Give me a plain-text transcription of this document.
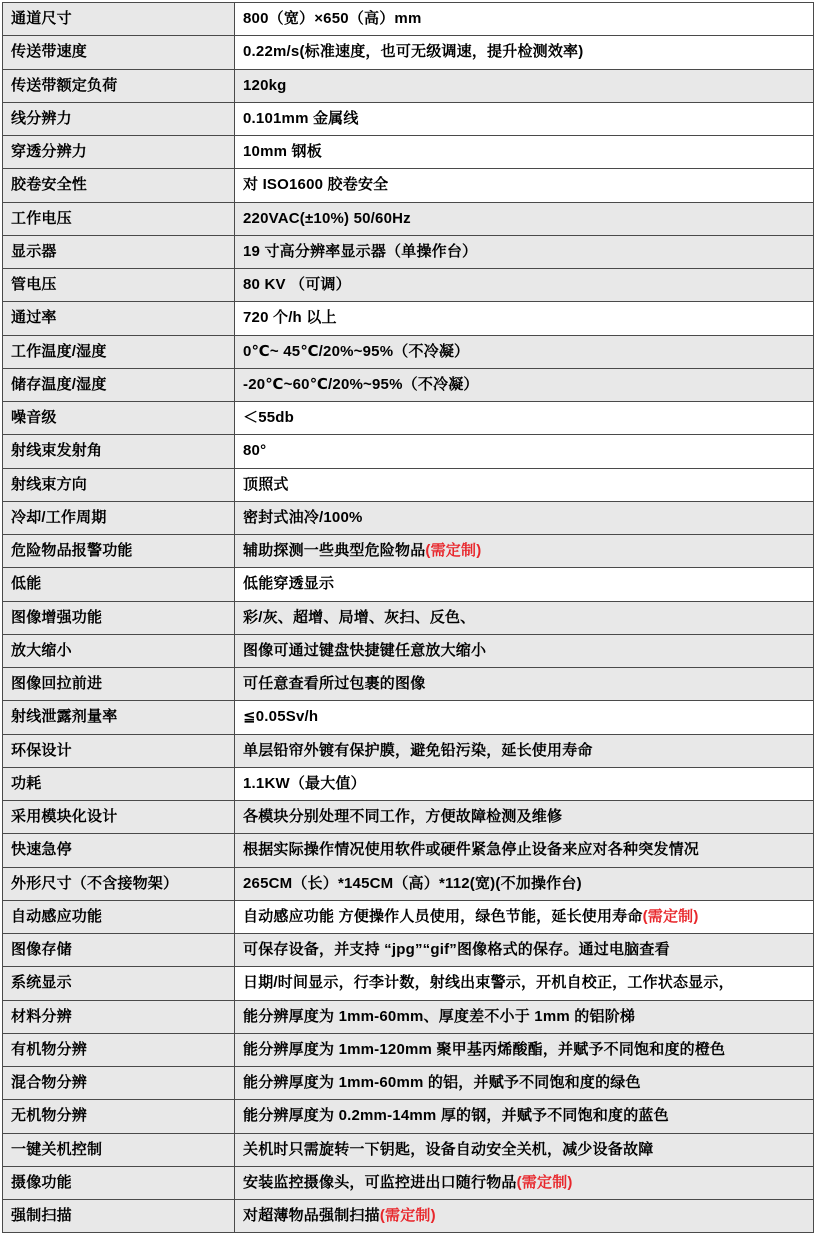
通道尺寸	800（宽）×650（高）mm

传送带速度	0.22m/s(标准速度，也可无级调速，提升检测效率)

传送带额定负荷	120kg

线分辨力	0.101mm 金属线

穿透分辨力	10mm 钢板

胶卷安全性	对 ISO1600 胶卷安全

工作电压	220VAC(±10%) 50/60Hz

显示器	19 寸高分辨率显示器（单操作台）

管电压	80 KV （可调）

通过率	720 个/h 以上

工作温度/湿度	0℃~ 45℃/20%~95%（不冷凝）

储存温度/湿度	-20℃~60℃/20%~95%（不冷凝）

噪音级	＜55db

射线束发射角	80°

射线束方向	顶照式

冷却/工作周期	密封式油冷/100%

危险物品报警功能	辅助探测一些典型危险物品(需定制)

低能	低能穿透显示

图像增强功能	彩/灰、超增、局增、灰扫、反色、

放大缩小	图像可通过键盘快捷键任意放大缩小

图像回拉前进	可任意查看所过包裹的图像

射线泄露剂量率	≦0.05Sv/h

环保设计	单层铅帘外镀有保护膜，避免铅污染，延长使用寿命

功耗	1.1KW（最大值）

采用模块化设计	各模块分别处理不同工作，方便故障检测及维修

快速急停	根据实际操作情况使用软件或硬件紧急停止设备来应对各种突发情况

外形尺寸（不含接物架）	265CM（长）*145CM（高）*112(宽)(不加操作台)

自动感应功能	自动感应功能 方便操作人员使用，绿色节能，延长使用寿命(需定制)

图像存储	可保存设备，并支持 “jpg”“gif”图像格式的保存。通过电脑查看

系统显示	日期/时间显示，行李计数，射线出束警示，开机自校正，工作状态显示，

材料分辨	能分辨厚度为 1mm-60mm、厚度差不小于 1mm 的铝阶梯

有机物分辨	能分辨厚度为 1mm-120mm 聚甲基丙烯酸酯，并赋予不同饱和度的橙色

混合物分辨	能分辨厚度为 1mm-60mm 的铝，并赋予不同饱和度的绿色

无机物分辨	能分辨厚度为 0.2mm-14mm 厚的钢，并赋予不同饱和度的蓝色

一键关机控制	关机时只需旋转一下钥匙，设备自动安全关机，减少设备故障

摄像功能	安装监控摄像头，可监控进出口随行物品(需定制)

强制扫描	对超薄物品强制扫描(需定制)
